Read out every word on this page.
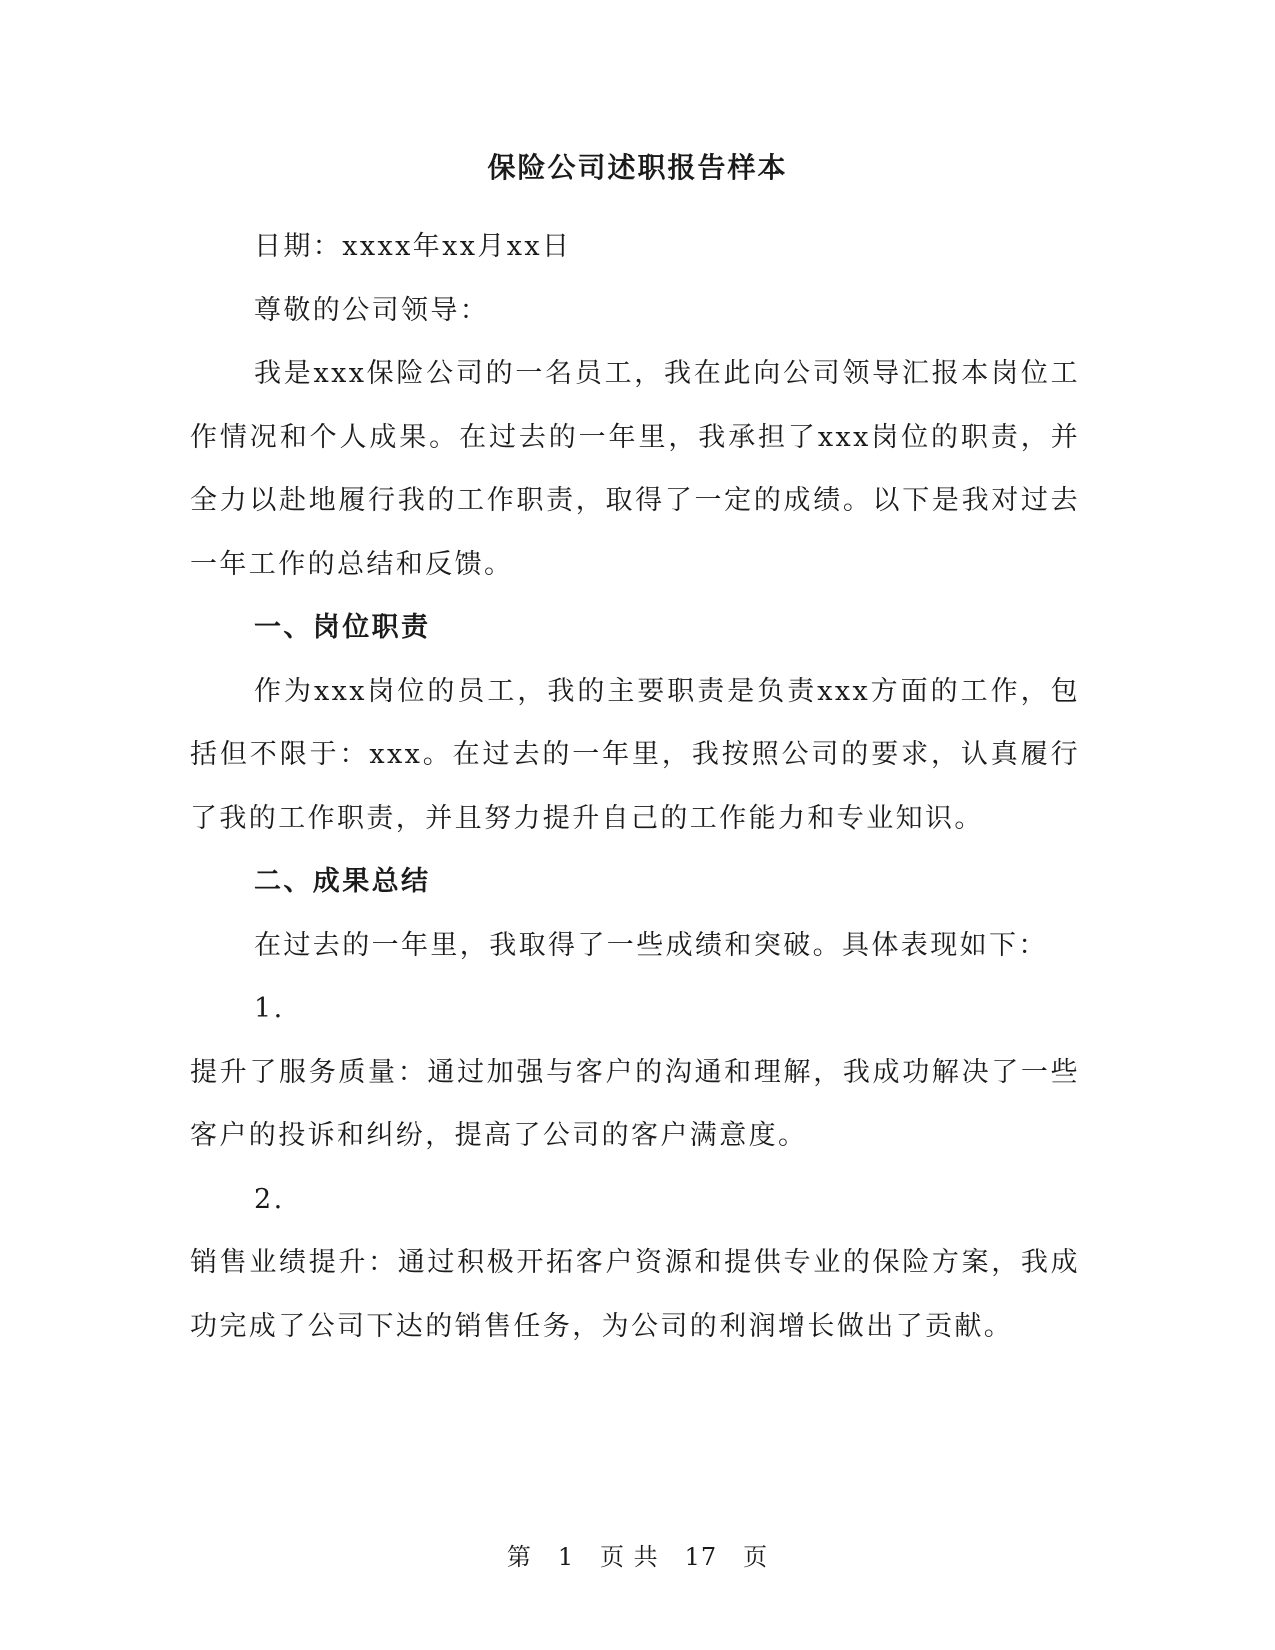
保险公司述职报告样本

日期：xxxx年xx月xx日

尊敬的公司领导：

我是xxx保险公司的一名员工，我在此向公司领导汇报本岗位工作情况和个人成果。在过去的一年里，我承担了xxx岗位的职责，并全力以赴地履行我的工作职责，取得了一定的成绩。以下是我对过去一年工作的总结和反馈。

一、岗位职责

作为xxx岗位的员工，我的主要职责是负责xxx方面的工作，包括但不限于：xxx。在过去的一年里，我按照公司的要求，认真履行了我的工作职责，并且努力提升自己的工作能力和专业知识。

二、成果总结

在过去的一年里，我取得了一些成绩和突破。具体表现如下：

1.

提升了服务质量：通过加强与客户的沟通和理解，我成功解决了一些客户的投诉和纠纷，提高了公司的客户满意度。

2.

销售业绩提升：通过积极开拓客户资源和提供专业的保险方案，我成功完成了公司下达的销售任务，为公司的利润增长做出了贡献。

第 1 页 共 17 页
